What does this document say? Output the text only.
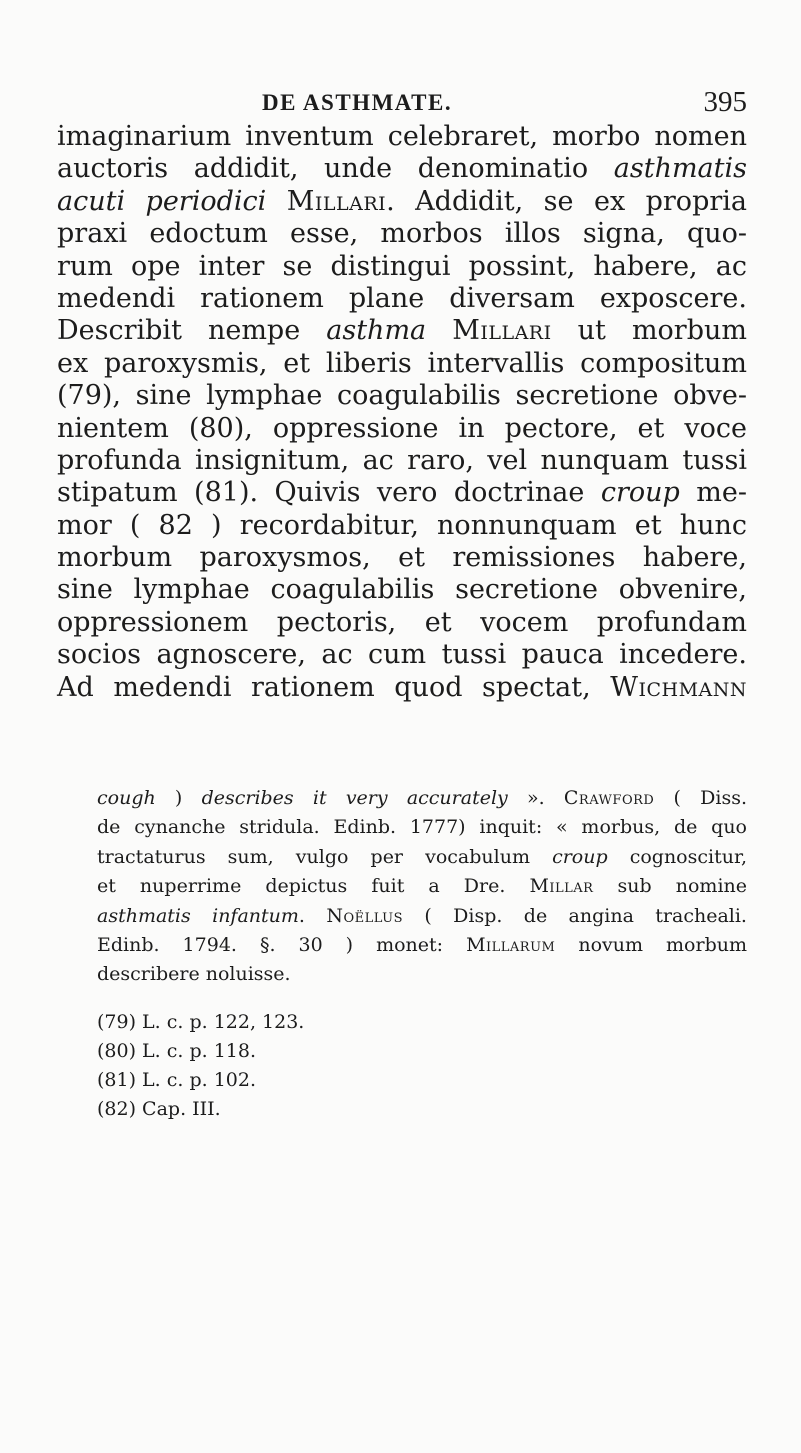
DE ASTHMATE.	395
imaginarium inventum celebraret, morbo nomen
auctoris addidit, unde denominatio asthmatis
acuti periodici Millari. Addidit, se ex propria
praxi edoctum esse, morbos illos signa, quo-
rum ope inter se distingui possint, habere, ac
medendi rationem plane diversam exposcere.
Describit nempe asthma Millari ut morbum
ex paroxysmis, et liberis intervallis compositum
(79), sine lymphae coagulabilis secretione obve-
nientem (80), oppressione in pectore, et voce
profunda insignitum, ac raro, vel nunquam tussi
stipatum (81). Quivis vero doctrinae croup me-
mor ( 82 ) recordabitur, nonnunquam et hunc
morbum paroxysmos, et remissiones habere,
sine lymphae coagulabilis secretione obvenire,
oppressionem pectoris, et vocem profundam
socios agnoscere, ac cum tussi pauca incedere.
Ad medendi rationem quod spectat, Wichmann
cough ) describes it very accurately ». Crawford ( Diss.
de cynanche stridula. Edinb. 1777) inquit: « morbus, de quo
tractaturus sum, vulgo per vocabulum croup cognoscitur,
et nuperrime depictus fuit a Dre. Millar sub nomine
asthmatis infantum. Noëllus ( Disp. de angina tracheali.
Edinb. 1794. §. 30 ) monet: Millarum novum morbum
describere noluisse.
(79) L. c. p. 122, 123.
(80) L. c. p. 118.
(81) L. c. p. 102.
(82) Cap. III.
